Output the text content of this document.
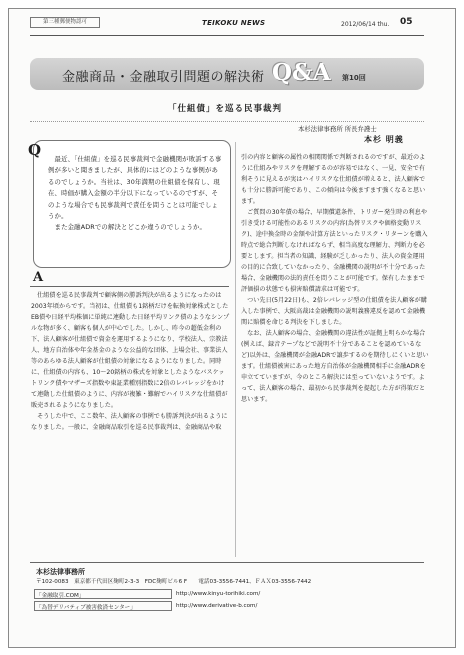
第三種郵便物認可	TEIKOKU NEWS	2012/06/14 thu. 05
金融商品・金融取引問題の解決術 Q&A 第10回
「仕組債」を巡る民事裁判
本杉法律事務所 所長弁護士
本杉 明義
Q	　最近、「仕組債」を巡る民事裁判で金融機関が敗訴する事例が多いと聞きましたが、具体的にはどのような事例があるのでしょうか。当社は、30年満期の仕組債を保有し、現在、時価が購入金額の半分以下になっているのですが、そのような場合でも民事裁判で責任を問うことは可能でしょうか。
　また金融ADRでの解決とどこか違うのでしょうか。
A
　仕組債を巡る民事裁判で顧客側の勝訴判決が出るようになったのは2003年頃からです。当初は、仕組債も1銘柄だけを転換対象株式としたEB債や日経平均株価に単純に連動した日経平均リンク債のようなシンプルな物が多く、顧客も個人が中心でした。しかし、昨今の超低金利の下、法人顧客が仕組債で資金を運用するようになり、学校法人、宗教法人、地方自治体や年金基金のような公益的な団体、上場会社、事業法人等のあらゆる法人顧客が仕組債の対象になるようになりました。同時に、仕組債の内容も、10〜20銘柄の株式を対象としたようなバスケットリンク債やマザーズ指数や東証業種別指数に2倍のレバレッジをかけて連動した仕組債のように、内容が複雑・難解でハイリスクな仕組債が販売されるようになりました。
　そうした中で、ここ数年、法人顧客の事例でも勝訴判決が出るようになりました。一般に、金融商品取引を巡る民事裁判は、金融商品や取
引の内容と顧客の属性の相関関係で判断されるのですが、最近のように仕組みやリスクを理解するのが容易ではなく、一見、安全で有利そうに見えるが実はハイリスクな仕組債が増えると、法人顧客でも十分に勝訴可能であり、この傾向は今後ますます強くなると思います。
　ご質問の30年債の場合、早期償還条件、トリガー発生時の利息や引き受ける可能性のあるリスクの内容(為替リスクや価格変動リスク)、途中換金時の金額や計算方法といったリスク・リターンを購入時点で総合判断しなければならず、相当高度な理解力、判断力を必要とします。担当者の知識、経験が乏しかったり、法人の資金運用の目的に合致していなかったり、金融機関の説明が不十分であった場合、金融機関の法的責任を問うことが可能です。保有したままで評価損の状態でも損害賠償請求は可能です。
　つい先日(5月22日)も、2倍レバレッジ型の仕組債を法人顧客が購入した事例で、大阪高裁は金融機関の説明義務違反を認めて金融機関に賠償を命じる判決を下しました。
　なお、法人顧客の場合、金融機関の違法性が証拠上明らかな場合(例えば、録音テープなどで説明不十分であることを認めているなど)以外は、金融機関が金融ADRで譲歩するのを期待しにくいと思います。仕組債被害にあった地方自治体が金融機関相手に金融ADRを申立てていますが、今のところ解決には至っていないようです。よって、法人顧客の場合、最初から民事裁判を提起した方が得策だと思います。
本杉法律事務所
〒102-0083　東京都千代田区麹町2-3-3　FDC麹町ビル6 F　　電話03-3556-7441、ＦＡＸ03-3556-7442
「金融取引.COM」	http://www.kinyu-torihiki.com/
「為替デリバティブ被害救済センター」	http://www.derivative-b.com/
